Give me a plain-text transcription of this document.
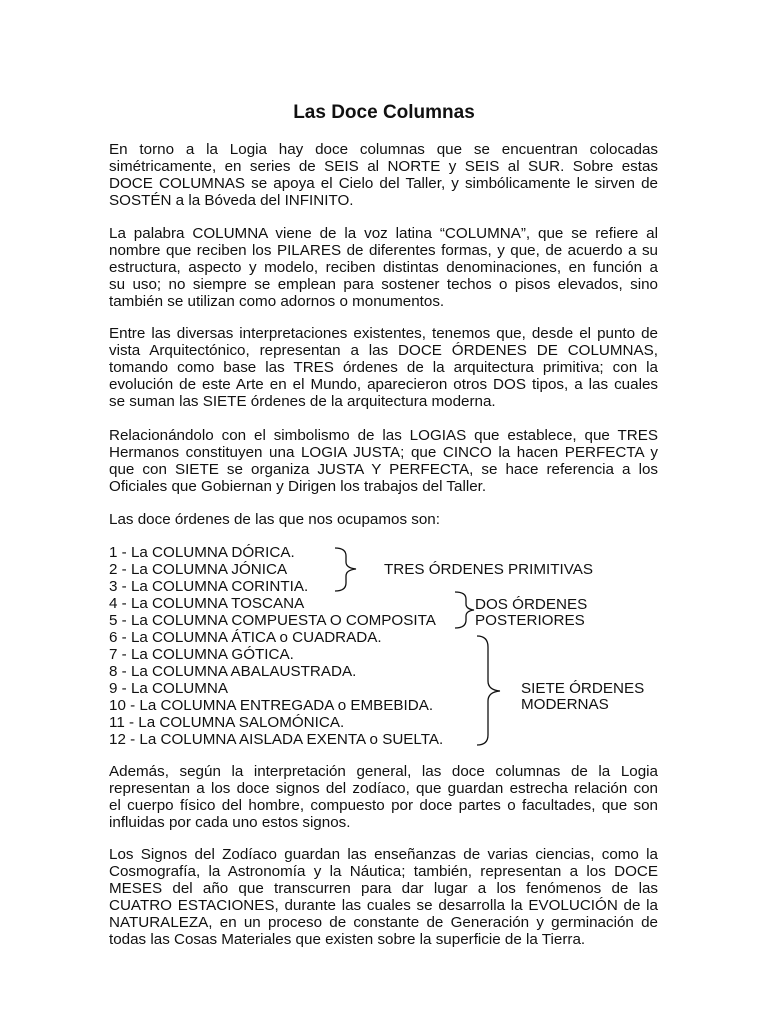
Las Doce Columnas
En torno a la Logia hay doce columnas que se encuentran colocadas
simétricamente, en series de SEIS al NORTE y SEIS al SUR. Sobre estas
DOCE COLUMNAS se apoya el Cielo del Taller, y simbólicamente le sirven de
SOSTÉN a la Bóveda del INFINITO.
La palabra COLUMNA viene de la voz latina “COLUMNA”, que se refiere al
nombre que reciben los PILARES de diferentes formas, y que, de acuerdo a su
estructura, aspecto y modelo, reciben distintas denominaciones, en función a
su uso; no siempre se emplean para sostener techos o pisos elevados, sino
también se utilizan como adornos o monumentos.
Entre las diversas interpretaciones existentes, tenemos que, desde el punto de
vista Arquitectónico, representan a las DOCE ÓRDENES DE COLUMNAS,
tomando como base las TRES órdenes de la arquitectura primitiva; con la
evolución de este Arte en el Mundo, aparecieron otros DOS tipos, a las cuales
se suman las SIETE órdenes de la arquitectura moderna.
Relacionándolo con el simbolismo de las LOGIAS que establece, que TRES
Hermanos constituyen una LOGIA JUSTA; que CINCO la hacen PERFECTA y
que con SIETE se organiza JUSTA Y PERFECTA, se hace referencia a los
Oficiales que Gobiernan y Dirigen los trabajos del Taller.
Las doce órdenes de las que nos ocupamos son:
1 - La COLUMNA DÓRICA.
2 - La COLUMNA JÓNICA
3 - La COLUMNA CORINTIA.
4 - La COLUMNA TOSCANA
5 - La COLUMNA COMPUESTA O COMPOSITA
6 - La COLUMNA ÁTICA o CUADRADA.
7 - La COLUMNA GÓTICA.
8 - La COLUMNA ABALAUSTRADA.
9 - La COLUMNA
10 - La COLUMNA ENTREGADA o EMBEBIDA.
11 - La COLUMNA SALOMÓNICA.
12 - La COLUMNA AISLADA EXENTA o SUELTA.
TRES ÓRDENES PRIMITIVAS
DOS ÓRDENES
POSTERIORES
SIETE ÓRDENES
MODERNAS
Además, según la interpretación general, las doce columnas de la Logia
representan a los doce signos del zodíaco, que guardan estrecha relación con
el cuerpo físico del hombre, compuesto por doce partes o facultades, que son
influidas por cada uno estos signos.
Los Signos del Zodíaco guardan las enseñanzas de varias ciencias, como la
Cosmografía, la Astronomía y la Náutica; también, representan a los DOCE
MESES del año que transcurren para dar lugar a los fenómenos de las
CUATRO ESTACIONES, durante las cuales se desarrolla la EVOLUCIÓN de la
NATURALEZA, en un proceso de constante de Generación y germinación de
todas las Cosas Materiales que existen sobre la superficie de la Tierra.
